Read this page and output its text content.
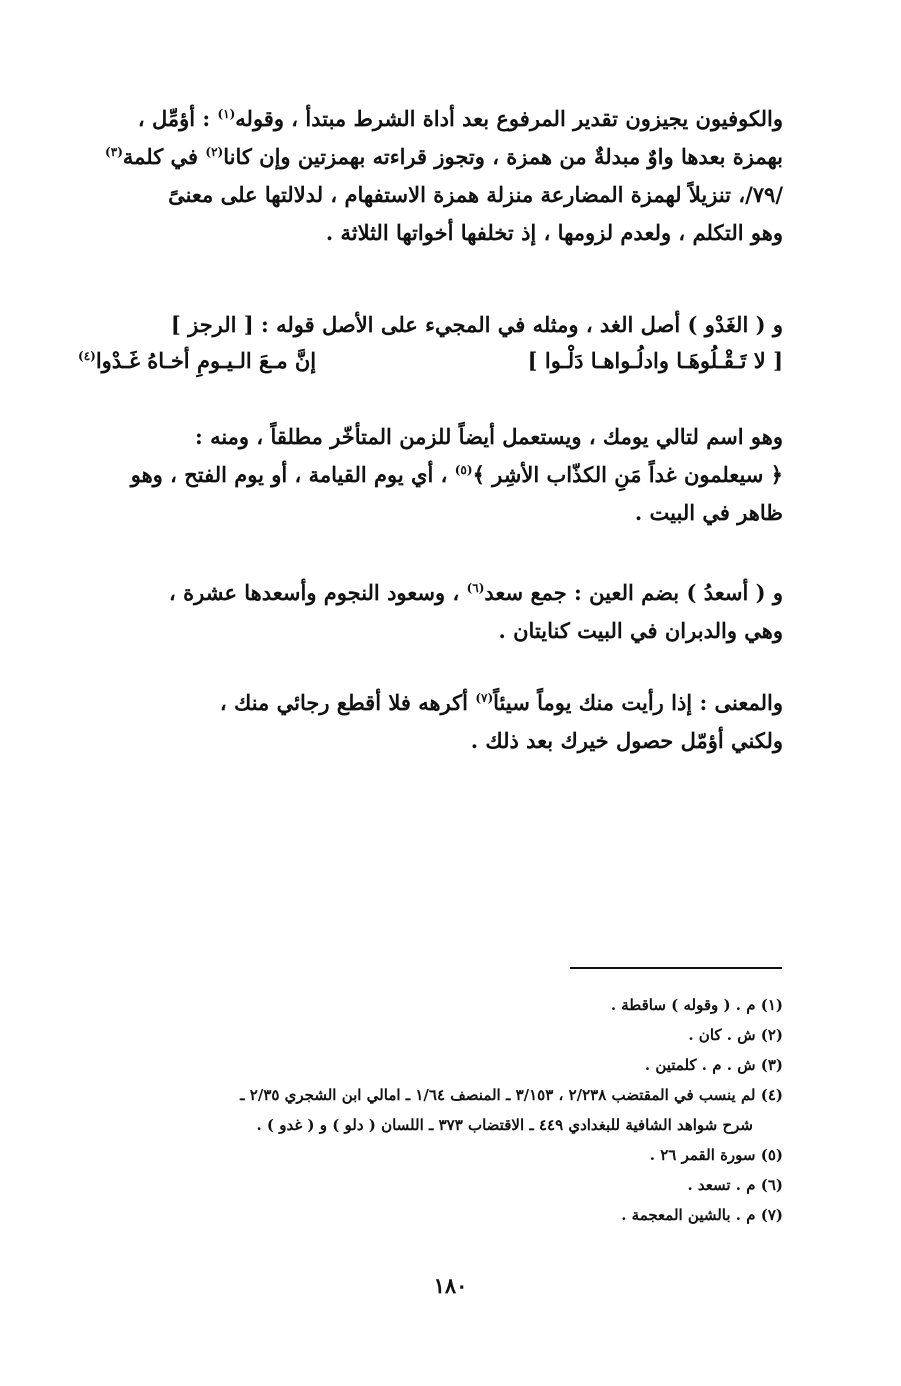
والكوفيون يجيزون تقدير المرفوع بعد أداة الشرط مبتدأ ، وقوله$^{(١)}$ : أؤمِّل ،
بهمزة بعدها واوٌ مبدلةٌ من همزة ، وتجوز قراءته بهمزتين وإن كانا$^{(٢)}$ في كلمة$^{(٣)}$
/٧٩/، تنزيلاً لهمزة المضارعة منزلة همزة الاستفهام ، لدلالتها على معنىً
وهو التكلم ، ولعدم لزومها ، إذ تخلفها أخواتها الثلاثة .
و ( الغَدْو ) أصل الغد ، ومثله في المجيء على الأصل قوله : [ الرجز ]
[ لا تَـقْـلُوهَـا وادلُـواهـا دَلْـوا ]
إنَّ مـعَ الـيـومِ أخـاهُ غَـدْوا$^{(٤)}$
وهو اسم لتالي يومك ، ويستعمل أيضاً للزمن المتأخّر مطلقاً ، ومنه :
﴿ سيعلمون غداً مَنِ الكذّاب الأشِر ﴾$^{(٥)}$ ، أي يوم القيامة ، أو يوم الفتح ، وهو
ظاهر في البيت .
و ( أسعدُ ) بضم العين : جمع سعد$^{(٦)}$ ، وسعود النجوم وأسعدها عشرة ،
وهي والدبران في البيت كنايتان .
والمعنى : إذا رأيت منك يوماً سيئاً$^{(٧)}$ أكرهه فلا أقطع رجائي منك ،
ولكني أؤمّل حصول خيرك بعد ذلك .
(١) م . ( وقوله ) ساقطة .
(٢) ش . كان .
(٣) ش . م . كلمتين .
(٤) لم ينسب في المقتضب ٢/٢٣٨ ، ٣/١٥٣ ـ المنصف ١/٦٤ ـ امالي ابن الشجري ٢/٣٥ ـ
شرح شواهد الشافية للبغدادي ٤٤٩ ـ الاقتضاب ٣٧٣ ـ اللسان ( دلو ) و ( غدو ) .
(٥) سورة القمر ٢٦ .
(٦) م . تسعد .
(٧) م . بالشين المعجمة .
١٨٠
